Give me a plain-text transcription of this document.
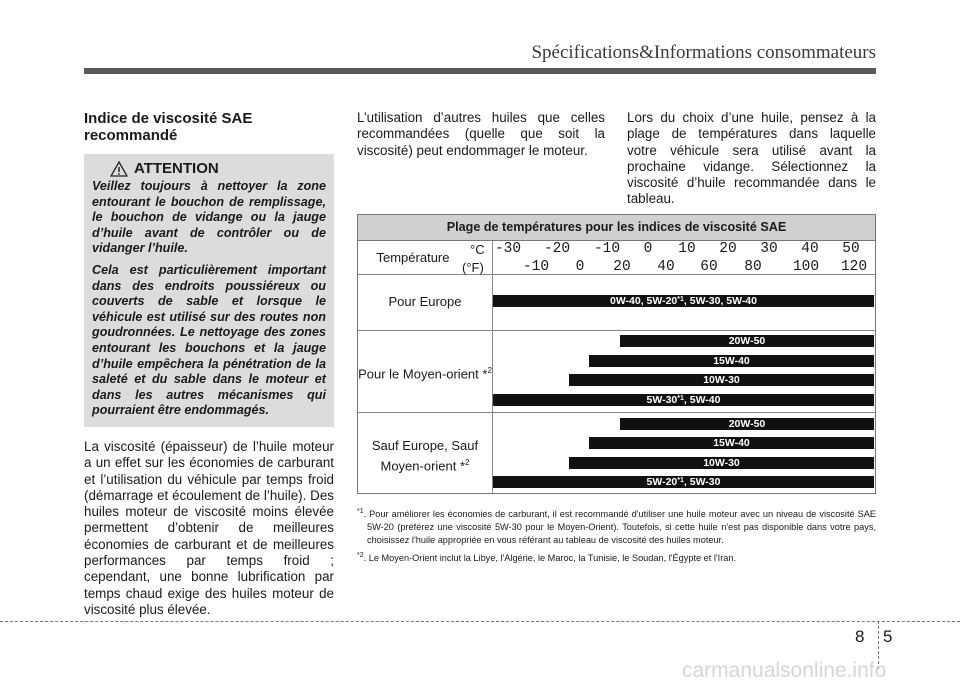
Spécifications&Informations consommateurs
Indice de viscosité SAE recommandé
ATTENTION

Veillez toujours à nettoyer la zone entourant le bouchon de remplissage, le bouchon de vidange ou la jauge d’huile avant de contrôler ou de vidanger l’huile.

Cela est particulièrement important dans des endroits poussiéreux ou couverts de sable et lorsque le véhicule est utilisé sur des routes non goudronnées. Le nettoyage des zones entourant les bouchons et la jauge d’huile empêchera la pénétration de la saleté et du sable dans le moteur et dans les autres mécanismes qui pourraient être endommagés.

La viscosité (épaisseur) de l’huile moteur a un effet sur les économies de carburant et l’utilisation du véhicule par temps froid (démarrage et écoulement de l’huile). Des huiles moteur de viscosité moins élevée permettent d’obtenir de meilleures économies de carburant et de meilleures performances par temps froid ; cependant, une bonne lubrification par temps chaud exige des huiles moteur de viscosité plus élevée.

L’utilisation d’autres huiles que celles recommandées (quelle que soit la viscosité) peut endommager le moteur.

Lors du choix d’une huile, pensez à la plage de températures dans laquelle votre véhicule sera utilisé avant la prochaine vidange. Sélectionnez la viscosité d’huile recommandée dans le tableau.

Plage de températures pour les indices de viscosité SAE
Température
°C
(°F)
-30 -20 -10 0 10 20 30 40 50
-10 0 20 40 60 80 100 120
Pour Europe	0W-40, 5W-20$^{*1}$, 5W-30, 5W-40
Pour le Moyen-orient *$^2$
20W-50
15W-40
10W-30
5W-30$^{*1}$, 5W-40
Sauf Europe, Sauf
Moyen-orient *$^2$
20W-50
15W-40
10W-30
5W-20$^{*1}$, 5W-30

$^{*1}$. Pour améliorer les économies de carburant, il est recommandé d'utiliser une huile moteur avec un niveau de viscosité SAE 5W-20 (préférez une viscosité 5W-30 pour le Moyen-Orient). Toutefois, si cette huile n'est pas disponible dans votre pays, choisissez l'huile appropriée en vous référant au tableau de viscosité des huiles moteur.

$^{*2}$. Le Moyen-Orient inclut la Libye, l'Algérie, le Maroc, la Tunisie, le Soudan, l'Égypte et l'Iran.

8 5
carmanualsonline.info
